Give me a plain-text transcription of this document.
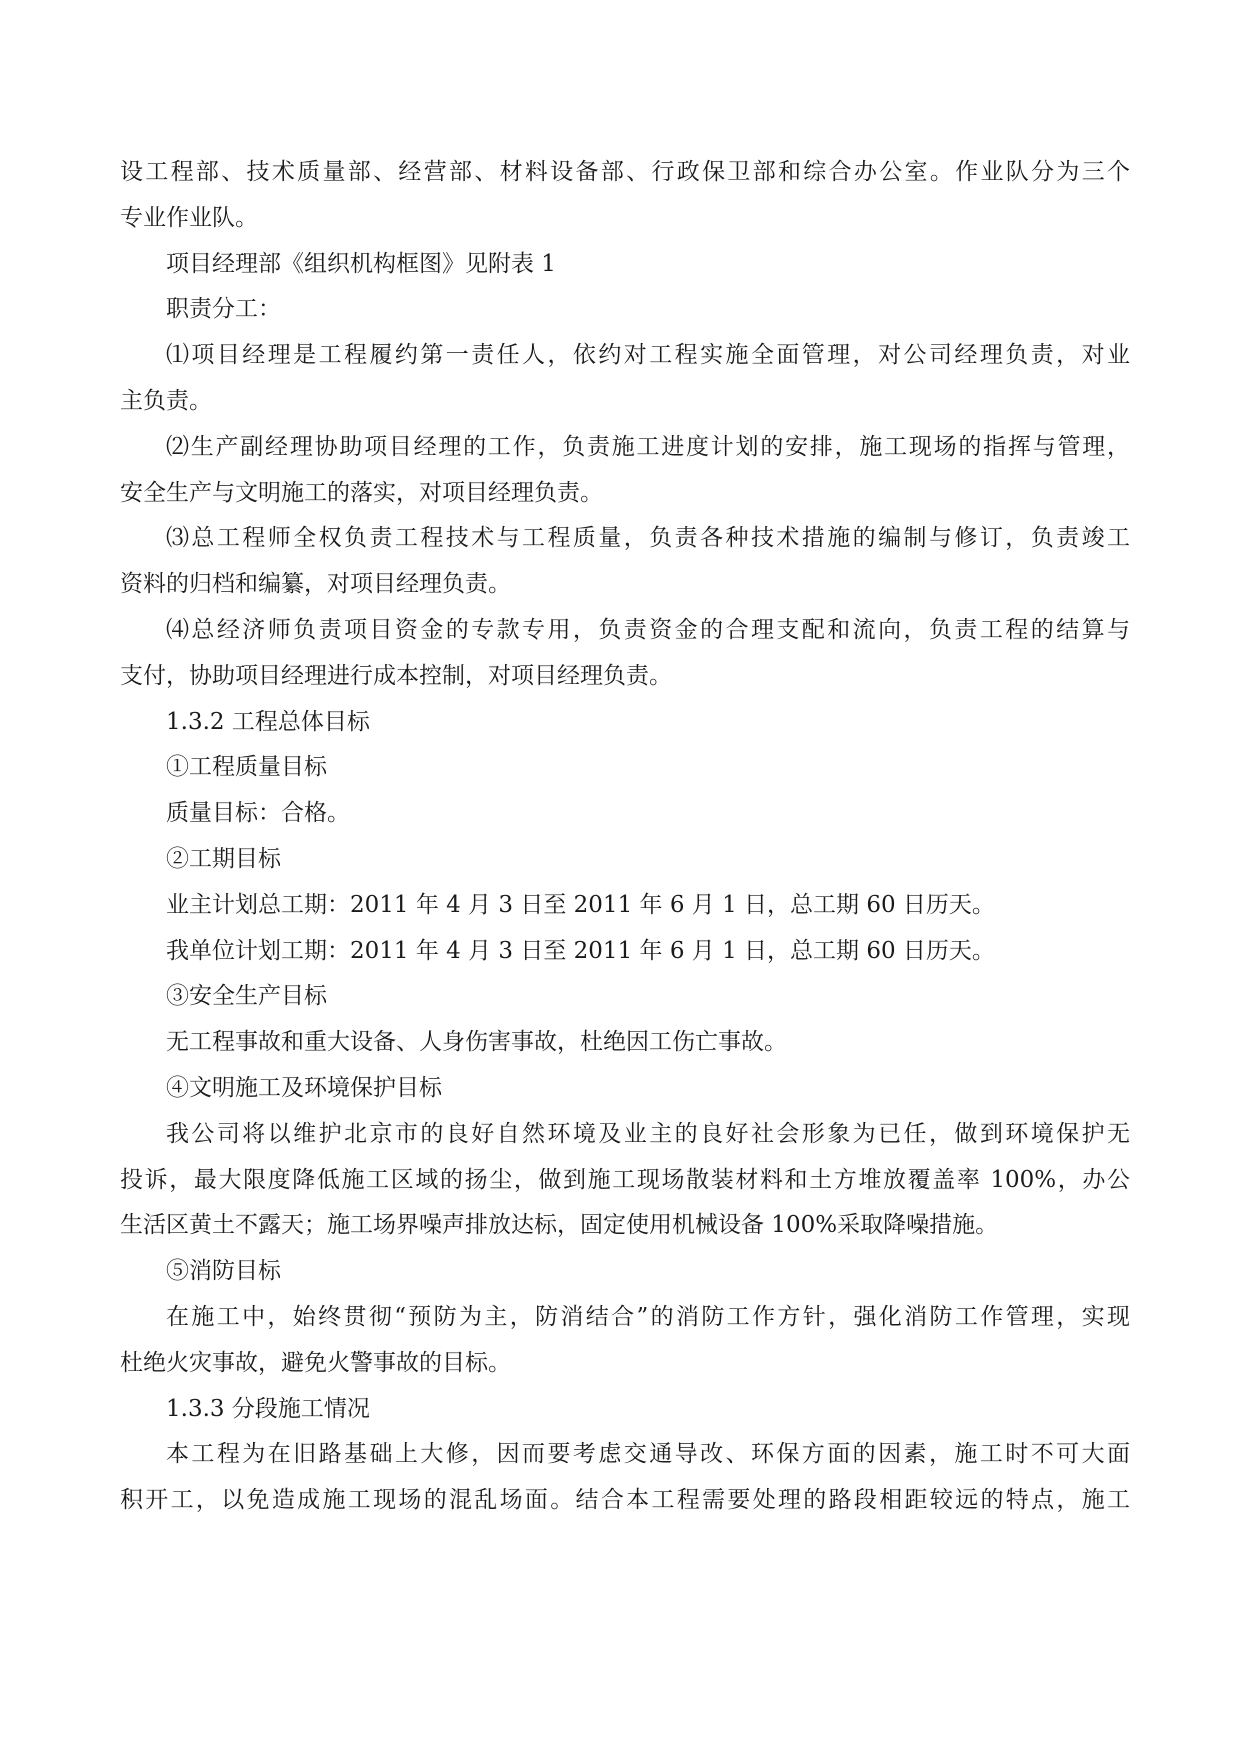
设工程部、技术质量部、经营部、材料设备部、行政保卫部和综合办公室。作业队分为三个
专业作业队。
项目经理部《组织机构框图》见附表 1
职责分工：
⑴项目经理是工程履约第一责任人，依约对工程实施全面管理，对公司经理负责，对业
主负责。
⑵生产副经理协助项目经理的工作，负责施工进度计划的安排，施工现场的指挥与管理，
安全生产与文明施工的落实，对项目经理负责。
⑶总工程师全权负责工程技术与工程质量，负责各种技术措施的编制与修订，负责竣工
资料的归档和编纂，对项目经理负责。
⑷总经济师负责项目资金的专款专用，负责资金的合理支配和流向，负责工程的结算与
支付，协助项目经理进行成本控制，对项目经理负责。
1.3.2 工程总体目标
①工程质量目标
质量目标：合格。
②工期目标
业主计划总工期：2011 年 4 月 3 日至 2011 年 6 月 1 日，总工期 60 日历天。
我单位计划工期：2011 年 4 月 3 日至 2011 年 6 月 1 日，总工期 60 日历天。
③安全生产目标
无工程事故和重大设备、人身伤害事故，杜绝因工伤亡事故。
④文明施工及环境保护目标
我公司将以维护北京市的良好自然环境及业主的良好社会形象为已任，做到环境保护无
投诉，最大限度降低施工区域的扬尘，做到施工现场散装材料和土方堆放覆盖率 100%，办公
生活区黄土不露天；施工场界噪声排放达标，固定使用机械设备 100%采取降噪措施。
⑤消防目标
在施工中，始终贯彻“预防为主，防消结合”的消防工作方针，强化消防工作管理，实现
杜绝火灾事故，避免火警事故的目标。
1.3.3 分段施工情况
本工程为在旧路基础上大修，因而要考虑交通导改、环保方面的因素，施工时不可大面
积开工，以免造成施工现场的混乱场面。结合本工程需要处理的路段相距较远的特点，施工
